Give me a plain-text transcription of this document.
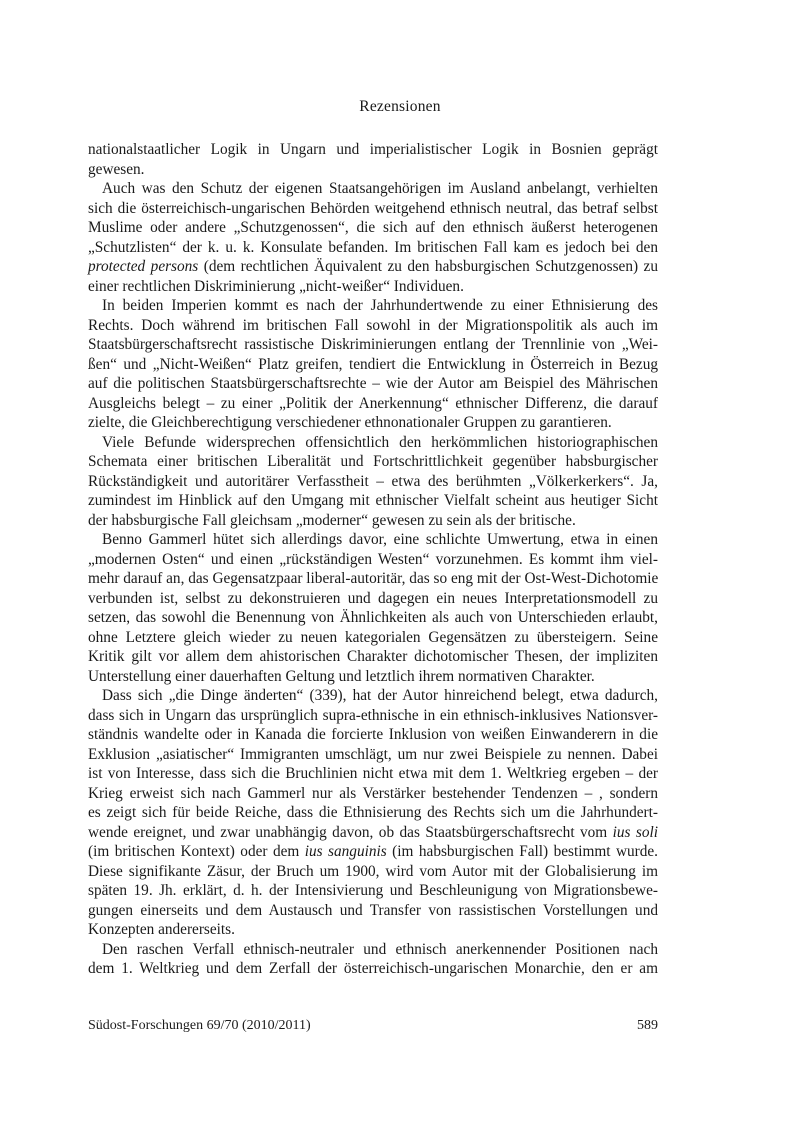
Rezensionen
nationalstaatlicher Logik in Ungarn und imperialistischer Logik in Bosnien geprägt
gewesen.
Auch was den Schutz der eigenen Staatsangehörigen im Ausland anbelangt, verhielten
sich die österreichisch-ungarischen Behörden weitgehend ethnisch neutral, das betraf selbst
Muslime oder andere „Schutzgenossen“, die sich auf den ethnisch äußerst heterogenen
„Schutzlisten“ der k. u. k. Konsulate befanden. Im britischen Fall kam es jedoch bei den
protected persons (dem rechtlichen Äquivalent zu den habsburgischen Schutzgenossen) zu
einer rechtlichen Diskriminierung „nicht-weißer“ Individuen.
In beiden Imperien kommt es nach der Jahrhundertwende zu einer Ethnisierung des
Rechts. Doch während im britischen Fall sowohl in der Migrationspolitik als auch im
Staatsbürgerschaftsrecht rassistische Diskriminierungen entlang der Trennlinie von „Wei-
ßen“ und „Nicht-Weißen“ Platz greifen, tendiert die Entwicklung in Österreich in Bezug
auf die politischen Staatsbürgerschaftsrechte – wie der Autor am Beispiel des Mährischen
Ausgleichs belegt – zu einer „Politik der Anerkennung“ ethnischer Differenz, die darauf
zielte, die Gleichberechtigung verschiedener ethnonationaler Gruppen zu garantieren.
Viele Befunde widersprechen offensichtlich den herkömmlichen historiographischen
Schemata einer britischen Liberalität und Fortschrittlichkeit gegenüber habsburgischer
Rückständigkeit und autoritärer Verfasstheit – etwa des berühmten „Völkerkerkers“. Ja,
zumindest im Hinblick auf den Umgang mit ethnischer Vielfalt scheint aus heutiger Sicht
der habsburgische Fall gleichsam „moderner“ gewesen zu sein als der britische.
Benno Gammerl hütet sich allerdings davor, eine schlichte Umwertung, etwa in einen
„modernen Osten“ und einen „rückständigen Westen“ vorzunehmen. Es kommt ihm viel-
mehr darauf an, das Gegensatzpaar liberal-autoritär, das so eng mit der Ost-West-Dichotomie
verbunden ist, selbst zu dekonstruieren und dagegen ein neues Interpretationsmodell zu
setzen, das sowohl die Benennung von Ähnlichkeiten als auch von Unterschieden erlaubt,
ohne Letztere gleich wieder zu neuen kategorialen Gegensätzen zu übersteigern. Seine
Kritik gilt vor allem dem ahistorischen Charakter dichotomischer Thesen, der impliziten
Unterstellung einer dauerhaften Geltung und letztlich ihrem normativen Charakter.
Dass sich „die Dinge änderten“ (339), hat der Autor hinreichend belegt, etwa dadurch,
dass sich in Ungarn das ursprünglich supra-ethnische in ein ethnisch-inklusives Nationsver-
ständnis wandelte oder in Kanada die forcierte Inklusion von weißen Einwanderern in die
Exklusion „asiatischer“ Immigranten umschlägt, um nur zwei Beispiele zu nennen. Dabei
ist von Interesse, dass sich die Bruchlinien nicht etwa mit dem 1. Weltkrieg ergeben – der
Krieg erweist sich nach Gammerl nur als Verstärker bestehender Tendenzen – , sondern
es zeigt sich für beide Reiche, dass die Ethnisierung des Rechts sich um die Jahrhundert-
wende ereignet, und zwar unabhängig davon, ob das Staatsbürgerschaftsrecht vom ius soli
(im britischen Kontext) oder dem ius sanguinis (im habsburgischen Fall) bestimmt wurde.
Diese signifikante Zäsur, der Bruch um 1900, wird vom Autor mit der Globalisierung im
späten 19. Jh. erklärt, d. h. der Intensivierung und Beschleunigung von Migrationsbewe-
gungen einerseits und dem Austausch und Transfer von rassistischen Vorstellungen und
Konzepten andererseits.
Den raschen Verfall ethnisch-neutraler und ethnisch anerkennender Positionen nach
dem 1. Weltkrieg und dem Zerfall der österreichisch-ungarischen Monarchie, den er am
Südost-Forschungen 69/70 (2010/2011)	589
